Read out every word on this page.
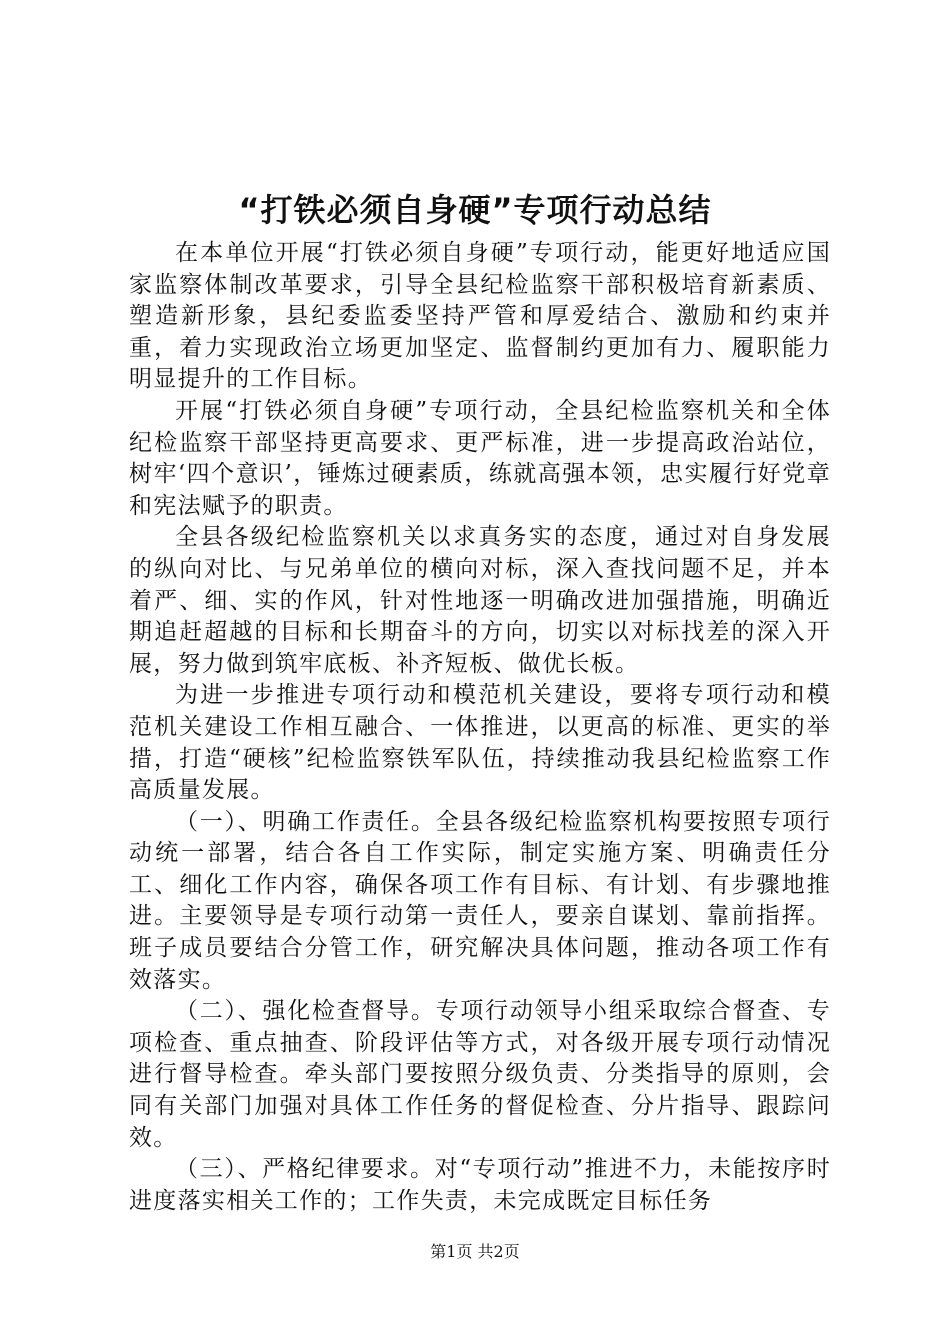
“打铁必须自身硬”专项行动总结

在本单位开展“打铁必须自身硬”专项行动，能更好地适应国家监察体制改革要求，引导全县纪检监察干部积极培育新素质、塑造新形象，县纪委监委坚持严管和厚爱结合、激励和约束并重，着力实现政治立场更加坚定、监督制约更加有力、履职能力明显提升的工作目标。

开展“打铁必须自身硬”专项行动，全县纪检监察机关和全体纪检监察干部坚持更高要求、更严标准，进一步提高政治站位，树牢‘四个意识’，锤炼过硬素质，练就高强本领，忠实履行好党章和宪法赋予的职责。

全县各级纪检监察机关以求真务实的态度，通过对自身发展的纵向对比、与兄弟单位的横向对标，深入查找问题不足，并本着严、细、实的作风，针对性地逐一明确改进加强措施，明确近期追赶超越的目标和长期奋斗的方向，切实以对标找差的深入开展，努力做到筑牢底板、补齐短板、做优长板。

为进一步推进专项行动和模范机关建设，要将专项行动和模范机关建设工作相互融合、一体推进，以更高的标准、更实的举措，打造“硬核”纪检监察铁军队伍，持续推动我县纪检监察工作高质量发展。

（一）、明确工作责任。全县各级纪检监察机构要按照专项行动统一部署，结合各自工作实际，制定实施方案、明确责任分工、细化工作内容，确保各项工作有目标、有计划、有步骤地推进。主要领导是专项行动第一责任人，要亲自谋划、靠前指挥。班子成员要结合分管工作，研究解决具体问题，推动各项工作有效落实。

（二）、强化检查督导。专项行动领导小组采取综合督查、专项检查、重点抽查、阶段评估等方式，对各级开展专项行动情况进行督导检查。牵头部门要按照分级负责、分类指导的原则，会同有关部门加强对具体工作任务的督促检查、分片指导、跟踪问效。

（三）、严格纪律要求。对“专项行动”推进不力，未能按序时进度落实相关工作的；工作失责，未完成既定目标任务

第1页 共2页
